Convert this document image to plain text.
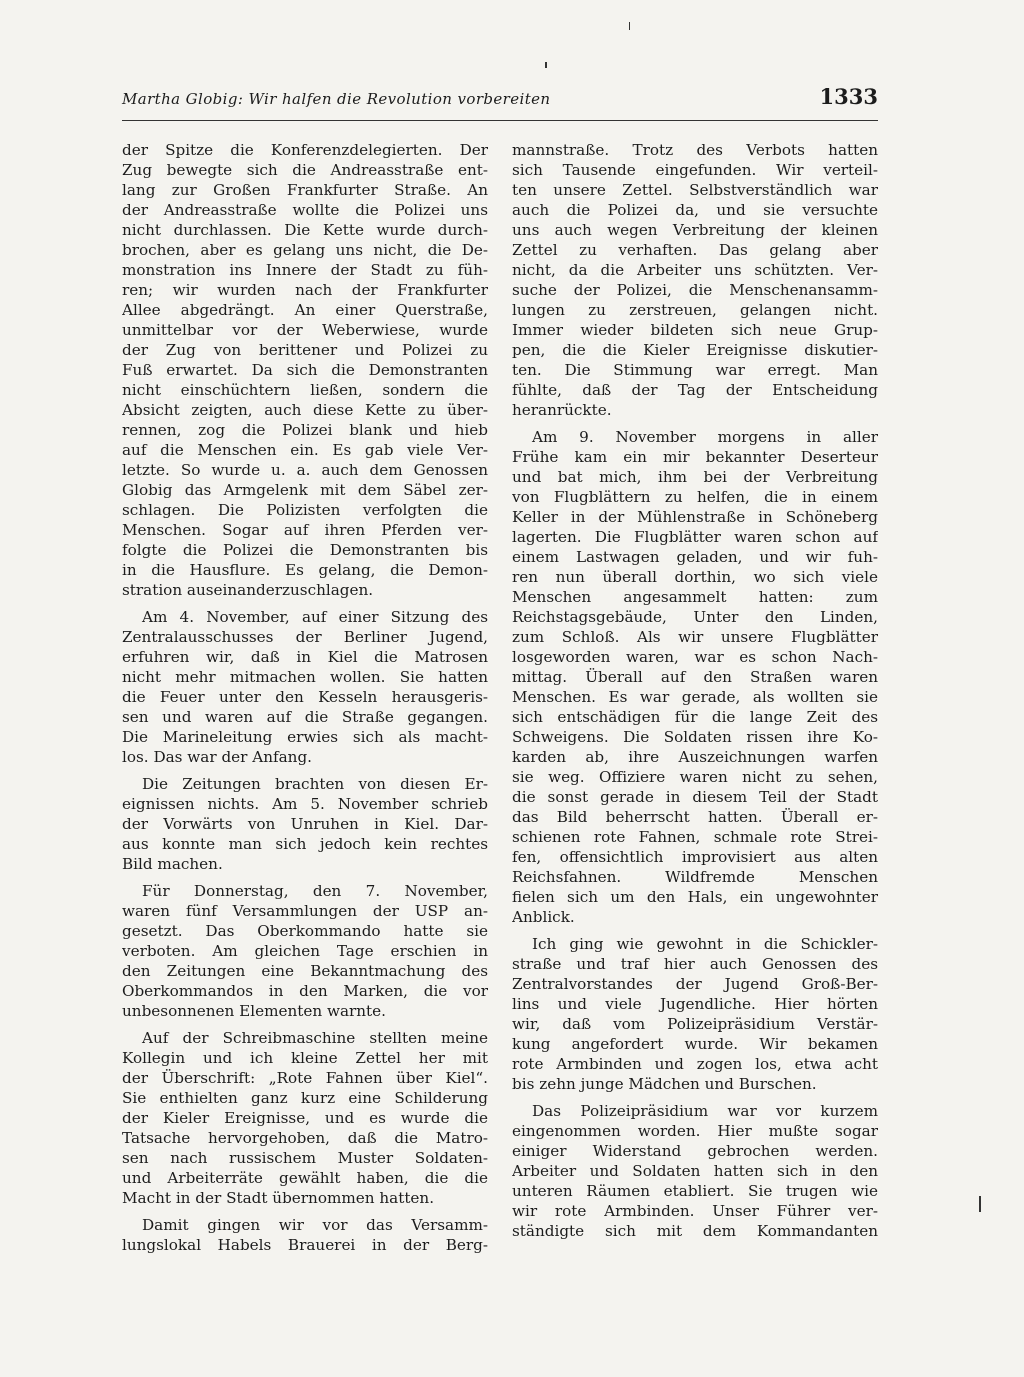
Martha Globig: Wir halfen die Revolution vorbereiten	1333
der Spitze die Konferenzdelegierten. Der
Zug bewegte sich die Andreasstraße ent-
lang zur Großen Frankfurter Straße. An
der Andreasstraße wollte die Polizei uns
nicht durchlassen. Die Kette wurde durch-
brochen, aber es gelang uns nicht, die De-
monstration ins Innere der Stadt zu füh-
ren; wir wurden nach der Frankfurter
Allee abgedrängt. An einer Querstraße,
unmittelbar vor der Weberwiese, wurde
der Zug von berittener und Polizei zu
Fuß erwartet. Da sich die Demonstranten
nicht einschüchtern ließen, sondern die
Absicht zeigten, auch diese Kette zu über-
rennen, zog die Polizei blank und hieb
auf die Menschen ein. Es gab viele Ver-
letzte. So wurde u. a. auch dem Genossen
Globig das Armgelenk mit dem Säbel zer-
schlagen. Die Polizisten verfolgten die
Menschen. Sogar auf ihren Pferden ver-
folgte die Polizei die Demonstranten bis
in die Hausflure. Es gelang, die Demon-
stration auseinanderzuschlagen.
Am 4. November, auf einer Sitzung des
Zentralausschusses der Berliner Jugend,
erfuhren wir, daß in Kiel die Matrosen
nicht mehr mitmachen wollen. Sie hatten
die Feuer unter den Kesseln herausgeris-
sen und waren auf die Straße gegangen.
Die Marineleitung erwies sich als macht-
los. Das war der Anfang.
Die Zeitungen brachten von diesen Er-
eignissen nichts. Am 5. November schrieb
der Vorwärts von Unruhen in Kiel. Dar-
aus konnte man sich jedoch kein rechtes
Bild machen.
Für Donnerstag, den 7. November,
waren fünf Versammlungen der USP an-
gesetzt. Das Oberkommando hatte sie
verboten. Am gleichen Tage erschien in
den Zeitungen eine Bekanntmachung des
Oberkommandos in den Marken, die vor
unbesonnenen Elementen warnte.
Auf der Schreibmaschine stellten meine
Kollegin und ich kleine Zettel her mit
der Überschrift: „Rote Fahnen über Kiel“.
Sie enthielten ganz kurz eine Schilderung
der Kieler Ereignisse, und es wurde die
Tatsache hervorgehoben, daß die Matro-
sen nach russischem Muster Soldaten-
und Arbeiterräte gewählt haben, die die
Macht in der Stadt übernommen hatten.
Damit gingen wir vor das Versamm-
lungslokal Habels Brauerei in der Berg-
mannstraße. Trotz des Verbots hatten
sich Tausende eingefunden. Wir verteil-
ten unsere Zettel. Selbstverständlich war
auch die Polizei da, und sie versuchte
uns auch wegen Verbreitung der kleinen
Zettel zu verhaften. Das gelang aber
nicht, da die Arbeiter uns schützten. Ver-
suche der Polizei, die Menschenansamm-
lungen zu zerstreuen, gelangen nicht.
Immer wieder bildeten sich neue Grup-
pen, die die Kieler Ereignisse diskutier-
ten. Die Stimmung war erregt. Man
fühlte, daß der Tag der Entscheidung
heranrückte.
Am 9. November morgens in aller
Frühe kam ein mir bekannter Deserteur
und bat mich, ihm bei der Verbreitung
von Flugblättern zu helfen, die in einem
Keller in der Mühlenstraße in Schöneberg
lagerten. Die Flugblätter waren schon auf
einem Lastwagen geladen, und wir fuh-
ren nun überall dorthin, wo sich viele
Menschen angesammelt hatten: zum
Reichstagsgebäude, Unter den Linden,
zum Schloß. Als wir unsere Flugblätter
losgeworden waren, war es schon Nach-
mittag. Überall auf den Straßen waren
Menschen. Es war gerade, als wollten sie
sich entschädigen für die lange Zeit des
Schweigens. Die Soldaten rissen ihre Ko-
karden ab, ihre Auszeichnungen warfen
sie weg. Offiziere waren nicht zu sehen,
die sonst gerade in diesem Teil der Stadt
das Bild beherrscht hatten. Überall er-
schienen rote Fahnen, schmale rote Strei-
fen, offensichtlich improvisiert aus alten
Reichsfahnen. Wildfremde Menschen
fielen sich um den Hals, ein ungewohnter
Anblick.
Ich ging wie gewohnt in die Schickler-
straße und traf hier auch Genossen des
Zentralvorstandes der Jugend Groß-Ber-
lins und viele Jugendliche. Hier hörten
wir, daß vom Polizeipräsidium Verstär-
kung angefordert wurde. Wir bekamen
rote Armbinden und zogen los, etwa acht
bis zehn junge Mädchen und Burschen.
Das Polizeipräsidium war vor kurzem
eingenommen worden. Hier mußte sogar
einiger Widerstand gebrochen werden.
Arbeiter und Soldaten hatten sich in den
unteren Räumen etabliert. Sie trugen wie
wir rote Armbinden. Unser Führer ver-
ständigte sich mit dem Kommandanten
